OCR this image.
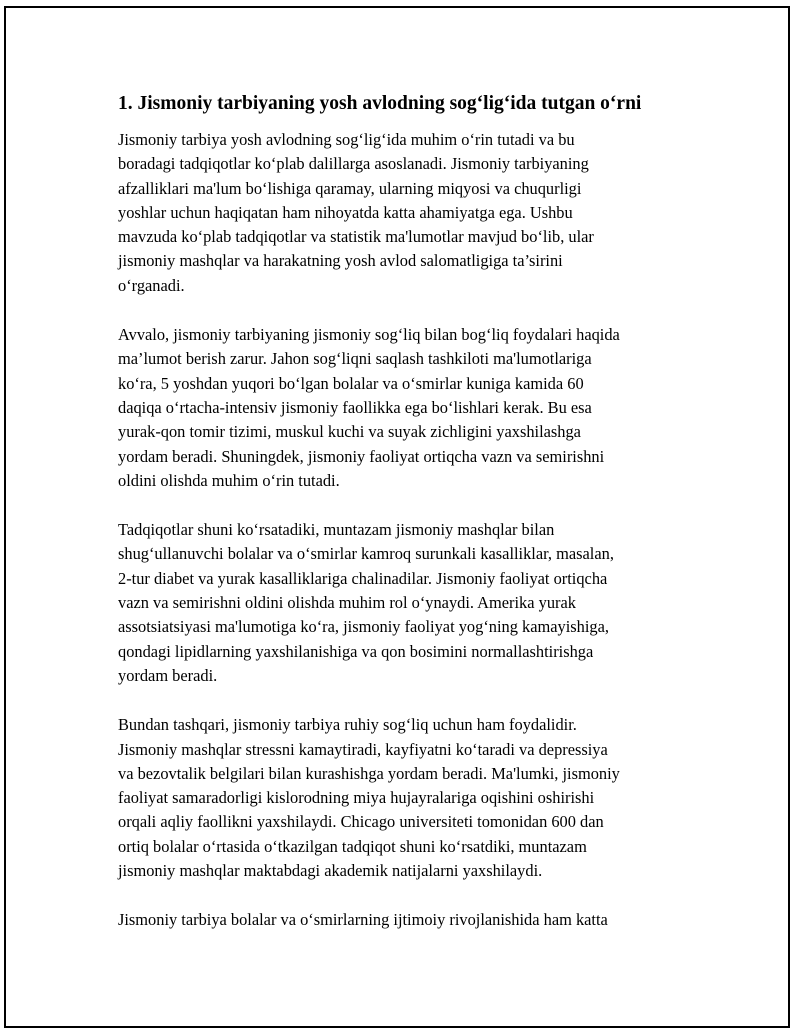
1. Jismoniy tarbiyaning yosh avlodning sog‘lig‘ida tutgan o‘rni

Jismoniy tarbiya yosh avlodning sog‘lig‘ida muhim o‘rin tutadi va bu
boradagi tadqiqotlar ko‘plab dalillarga asoslanadi. Jismoniy tarbiyaning
afzalliklari ma'lum bo‘lishiga qaramay, ularning miqyosi va chuqurligi
yoshlar uchun haqiqatan ham nihoyatda katta ahamiyatga ega. Ushbu
mavzuda ko‘plab tadqiqotlar va statistik ma'lumotlar mavjud bo‘lib, ular
jismoniy mashqlar va harakatning yosh avlod salomatligiga ta’sirini
o‘rganadi.

Avvalo, jismoniy tarbiyaning jismoniy sog‘liq bilan bog‘liq foydalari haqida
ma’lumot berish zarur. Jahon sog‘liqni saqlash tashkiloti ma'lumotlariga
ko‘ra, 5 yoshdan yuqori bo‘lgan bolalar va o‘smirlar kuniga kamida 60
daqiqa o‘rtacha-intensiv jismoniy faollikka ega bo‘lishlari kerak. Bu esa
yurak-qon tomir tizimi, muskul kuchi va suyak zichligini yaxshilashga
yordam beradi. Shuningdek, jismoniy faoliyat ortiqcha vazn va semirishni
oldini olishda muhim o‘rin tutadi.

Tadqiqotlar shuni ko‘rsatadiki, muntazam jismoniy mashqlar bilan
shug‘ullanuvchi bolalar va o‘smirlar kamroq surunkali kasalliklar, masalan,
2-tur diabet va yurak kasalliklariga chalinadilar. Jismoniy faoliyat ortiqcha
vazn va semirishni oldini olishda muhim rol o‘ynaydi. Amerika yurak
assotsiatsiyasi ma'lumotiga ko‘ra, jismoniy faoliyat yog‘ning kamayishiga,
qondagi lipidlarning yaxshilanishiga va qon bosimini normallashtirishga
yordam beradi.

Bundan tashqari, jismoniy tarbiya ruhiy sog‘liq uchun ham foydalidir.
Jismoniy mashqlar stressni kamaytiradi, kayfiyatni ko‘taradi va depressiya
va bezovtalik belgilari bilan kurashishga yordam beradi. Ma'lumki, jismoniy
faoliyat samaradorligi kislorodning miya hujayralariga oqishini oshirishi
orqali aqliy faollikni yaxshilaydi. Chicago universiteti tomonidan 600 dan
ortiq bolalar o‘rtasida o‘tkazilgan tadqiqot shuni ko‘rsatdiki, muntazam
jismoniy mashqlar maktabdagi akademik natijalarni yaxshilaydi.

Jismoniy tarbiya bolalar va o‘smirlarning ijtimoiy rivojlanishida ham katta
